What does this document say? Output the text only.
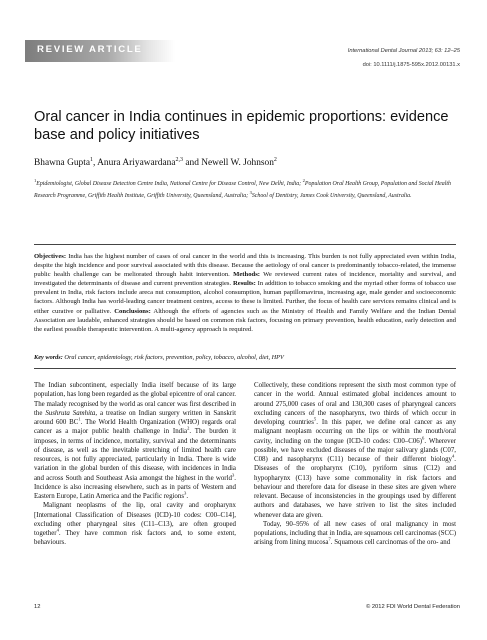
REVIEW ARTICLE	International Dental Journal 2013; 63: 12–25
doi: 10.1111/j.1875-595x.2012.00131.x
Oral cancer in India continues in epidemic proportions: evidence base and policy initiatives
Bhawna Gupta$^1$, Anura Ariyawardana$^{2,3}$ and Newell W. Johnson$^2$
$^1$Epidemiologist, Global Disease Detection Centre India, National Centre for Disease Control, New Delhi, India; $^2$Population Oral Health Group, Population and Social Health Research Programme, Griffith Health Institute, Griffith University, Queensland, Australia; $^3$School of Dentistry, James Cook University, Queensland, Australia.
Objectives: India has the highest number of cases of oral cancer in the world and this is increasing. This burden is not fully appreciated even within India, despite the high incidence and poor survival associated with this disease. Because the aetiology of oral cancer is predominantly tobacco-related, the immense public health challenge can be meliorated through habit intervention. Methods: We reviewed current rates of incidence, mortality and survival, and investigated the determinants of disease and current prevention strategies. Results: In addition to tobacco smoking and the myriad other forms of tobacco use prevalent in India, risk factors include areca nut consumption, alcohol consumption, human papillomavirus, increasing age, male gender and socioeconomic factors. Although India has world-leading cancer treatment centres, access to these is limited. Further, the focus of health care services remains clinical and is either curative or palliative. Conclusions: Although the efforts of agencies such as the Ministry of Health and Family Welfare and the Indian Dental Association are laudable, enhanced strategies should be based on common risk factors, focusing on primary prevention, health education, early detection and the earliest possible therapeutic intervention. A multi-agency approach is required.
Key words: Oral cancer, epidemiology, risk factors, prevention, policy, tobacco, alcohol, diet, HPV

The Indian subcontinent, especially India itself because of its large population, has long been regarded as the global epicentre of oral cancer. The malady recognised by the world as oral cancer was first described in the Sushruta Samhita, a treatise on Indian surgery written in Sanskrit around 600 $BC^1$. The World Health Organization (WHO) regards oral cancer as a major public health challenge in India$^2$. The burden it imposes, in terms of incidence, mortality, survival and the determinants of disease, as well as the inevitable stretching of limited health care resources, is not fully appreciated, particularly in India. There is wide variation in the global burden of this disease, with incidences in India and across South and Southeast Asia amongst the highest in the world$^3$. Incidence is also increasing elsewhere, such as in parts of Western and Eastern Europe, Latin America and the Pacific regions$^3$.

Malignant neoplasms of the lip, oral cavity and oropharynx [International Classification of Diseases (ICD)-10 codes: C00–C14], excluding other pharyngeal sites (C11–C13), are often grouped together$^4$. They have common risk factors and, to some extent, behaviours.

Collectively, these conditions represent the sixth most common type of cancer in the world. Annual estimated global incidences amount to around 275,000 cases of oral and 130,300 cases of pharyngeal cancers excluding cancers of the nasopharynx, two thirds of which occur in developing countries$^5$. In this paper, we define oral cancer as any malignant neoplasm occurring on the lips or within the mouth/oral cavity, including on the tongue (ICD-10 codes: C00–C06)$^6$. Wherever possible, we have excluded diseases of the major salivary glands (C07, C08) and nasopharynx (C11) because of their different biology$^4$. Diseases of the oropharynx (C10), pyriform sinus (C12) and hypopharynx (C13) have some commonality in risk factors and behaviour and therefore data for disease in these sites are given where relevant. Because of inconsistencies in the groupings used by different authors and databases, we have striven to list the sites included whenever data are given.

Today, 90–95% of all new cases of oral malignancy in most populations, including that in India, are squamous cell carcinomas (SCC) arising from lining mucosa$^7$. Squamous cell carcinomas of the oro- and

12	© 2012 FDI World Dental Federation
